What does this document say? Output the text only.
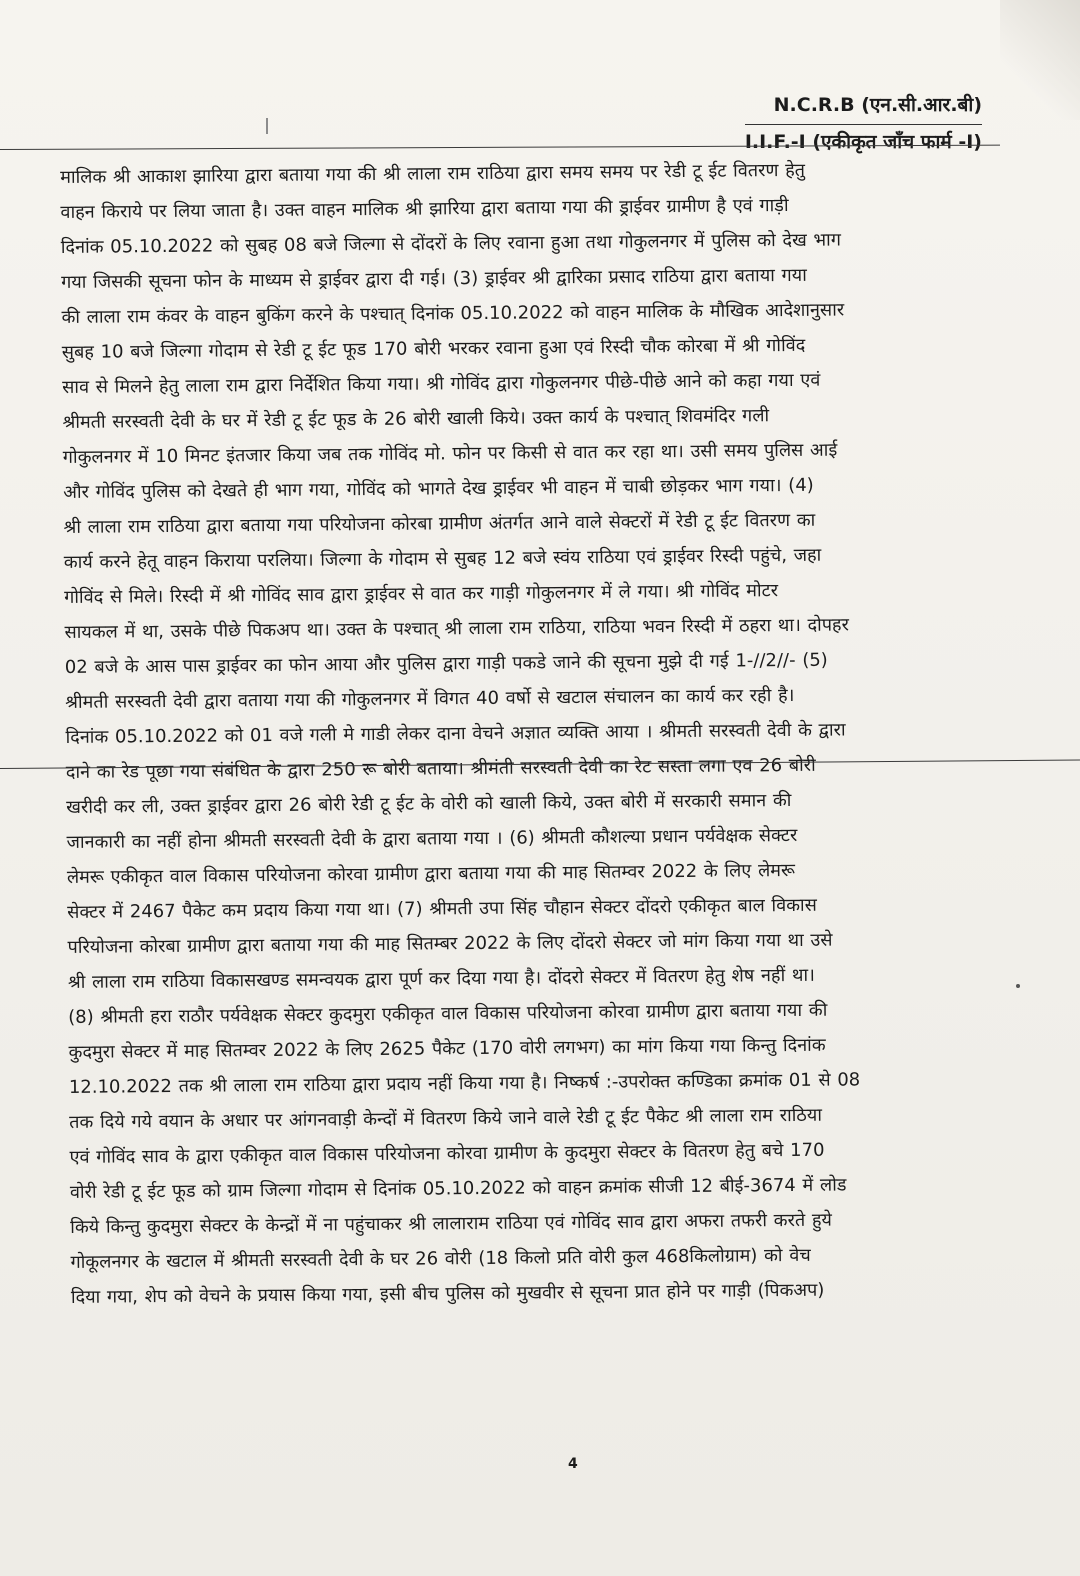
N.C.R.B (एन.सी.आर.बी)
I.I.F.-I (एकीकृत जाँच फार्म -I)
मालिक श्री आकाश झारिया द्वारा बताया गया की श्री लाला राम राठिया द्वारा समय समय पर रेडी टू ईट वितरण हेतु
वाहन किराये पर लिया जाता है। उक्त वाहन मालिक श्री झारिया द्वारा बताया गया की ड्राईवर ग्रामीण है एवं गाड़ी
दिनांक 05.10.2022 को सुबह 08 बजे जिल्गा से दोंदरों के लिए रवाना हुआ तथा गोकुलनगर में पुलिस को देख भाग
गया जिसकी सूचना फोन के माध्यम से ड्राईवर द्वारा दी गई। (3) ड्राईवर श्री द्वारिका प्रसाद राठिया द्वारा बताया गया
की लाला राम कंवर के वाहन बुकिंग करने के पश्चात् दिनांक 05.10.2022 को वाहन मालिक के मौखिक आदेशानुसार
सुबह 10 बजे जिल्गा गोदाम से रेडी टू ईट फूड 170 बोरी भरकर रवाना हुआ एवं रिस्दी चौक कोरबा में श्री गोविंद
साव से मिलने हेतु लाला राम द्वारा निर्देशित किया गया। श्री गोविंद द्वारा गोकुलनगर पीछे-पीछे आने को कहा गया एवं
श्रीमती सरस्वती देवी के घर में रेडी टू ईट फूड के 26 बोरी खाली किये। उक्त कार्य के पश्चात् शिवमंदिर गली
गोकुलनगर में 10 मिनट इंतजार किया जब तक गोविंद मो. फोन पर किसी से वात कर रहा था। उसी समय पुलिस आई
और गोविंद पुलिस को देखते ही भाग गया, गोविंद को भागते देख ड्राईवर भी वाहन में चाबी छोड़कर भाग गया। (4)
श्री लाला राम राठिया द्वारा बताया गया परियोजना कोरबा ग्रामीण अंतर्गत आने वाले सेक्टरों में रेडी टू ईट वितरण का
कार्य करने हेतू वाहन किराया परलिया। जिल्गा के गोदाम से सुबह 12 बजे स्वंय राठिया एवं ड्राईवर रिस्दी पहुंचे, जहा
गोविंद से मिले। रिस्दी में श्री गोविंद साव द्वारा ड्राईवर से वात कर गाड़ी गोकुलनगर में ले गया। श्री गोविंद मोटर
सायकल में था, उसके पीछे पिकअप था। उक्त के पश्चात् श्री लाला राम राठिया, राठिया भवन रिस्दी में ठहरा था। दोपहर
02 बजे के आस पास ड्राईवर का फोन आया और पुलिस द्वारा गाड़ी पकडे जाने की सूचना मुझे दी गई 1-//2//- (5)
श्रीमती सरस्वती देवी द्वारा वताया गया की गोकुलनगर में विगत 40 वर्षो से खटाल संचालन का कार्य कर रही है।
दिनांक 05.10.2022 को 01 वजे गली मे गाडी लेकर दाना वेचने अज्ञात व्यक्ति आया । श्रीमती सरस्वती देवी के द्वारा
दाने का रेड पूछा गया संबंधित के द्वारा 250 रू बोरी बताया। श्रीमंती सरस्वती देवी का रेट सस्ता लगा एव 26 बोरी
खरीदी कर ली, उक्त ड्राईवर द्वारा 26 बोरी रेडी टू ईट के वोरी को खाली किये, उक्त बोरी में सरकारी समान की
जानकारी का नहीं होना श्रीमती सरस्वती देवी के द्वारा बताया गया । (6) श्रीमती कौशल्या प्रधान पर्यवेक्षक सेक्टर
लेमरू एकीकृत वाल विकास परियोजना कोरवा ग्रामीण द्वारा बताया गया की माह सितम्वर 2022 के लिए लेमरू
सेक्टर में 2467 पैकेट कम प्रदाय किया गया था। (7) श्रीमती उपा सिंह चौहान सेक्टर दोंदरो एकीकृत बाल विकास
परियोजना कोरबा ग्रामीण द्वारा बताया गया की माह सितम्बर 2022 के लिए दोंदरो सेक्टर जो मांग किया गया था उसे
श्री लाला राम राठिया विकासखण्ड समन्वयक द्वारा पूर्ण कर दिया गया है। दोंदरो सेक्टर में वितरण हेतु शेष नहीं था।
(8) श्रीमती हरा राठौर पर्यवेक्षक सेक्टर कुदमुरा एकीकृत वाल विकास परियोजना कोरवा ग्रामीण द्वारा बताया गया की
कुदमुरा सेक्टर में माह सितम्वर 2022 के लिए 2625 पैकेट (170 वोरी लगभग) का मांग किया गया किन्तु दिनांक
12.10.2022 तक श्री लाला राम राठिया द्वारा प्रदाय नहीं किया गया है। निष्कर्ष :-उपरोक्त कण्डिका क्रमांक 01 से 08
तक दिये गये वयान के अधार पर आंगनवाड़ी केन्दों में वितरण किये जाने वाले रेडी टू ईट पैकेट श्री लाला राम राठिया
एवं गोविंद साव के द्वारा एकीकृत वाल विकास परियोजना कोरवा ग्रामीण के कुदमुरा सेक्टर के वितरण हेतु बचे 170
वोरी रेडी टू ईट फूड को ग्राम जिल्गा गोदाम से दिनांक 05.10.2022 को वाहन क्रमांक सीजी 12 बीई-3674 में लोड
किये किन्तु कुदमुरा सेक्टर के केन्द्रों में ना पहुंचाकर श्री लालाराम राठिया एवं गोविंद साव द्वारा अफरा तफरी करते हुये
गोकूलनगर के खटाल में श्रीमती सरस्वती देवी के घर 26 वोरी (18 किलो प्रति वोरी कुल 468किलोग्राम) को वेच
दिया गया, शेप को वेचने के प्रयास किया गया, इसी बीच पुलिस को मुखवीर से सूचना प्रात होने पर गाड़ी (पिकअप)
4
